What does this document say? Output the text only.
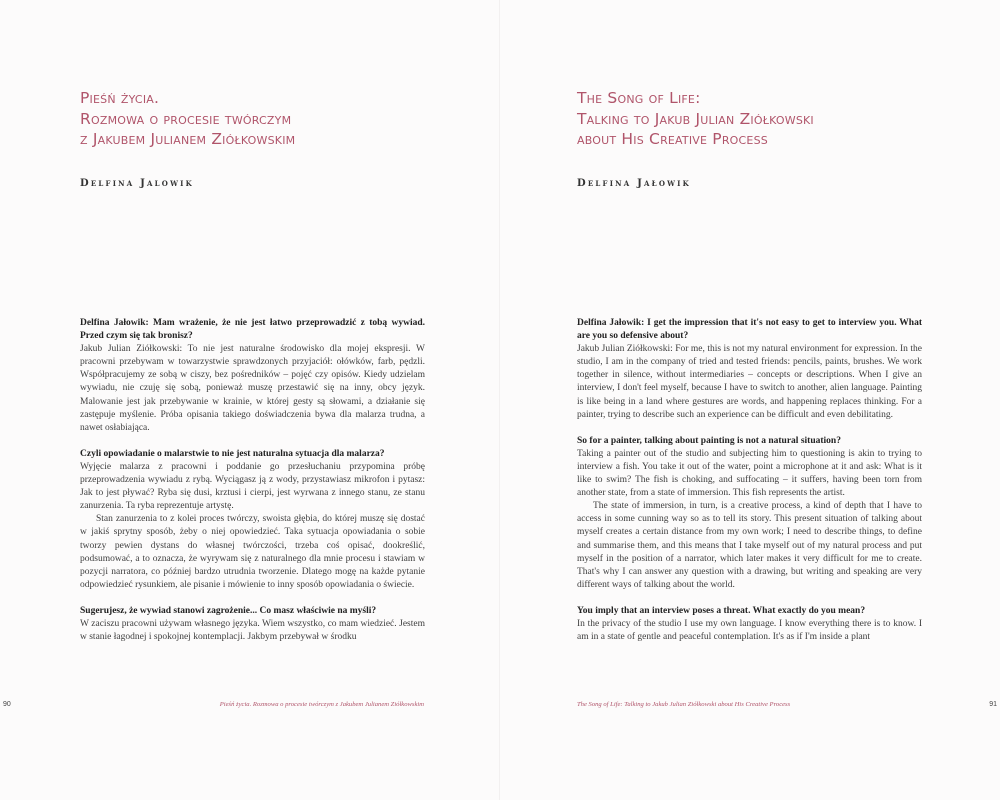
Pieśń życia.
Rozmowa o procesie twórczym
z Jakubem Julianem Ziółkowskim
Delfina Jalowik

Delfina Jałowik: Mam wrażenie, że nie jest łatwo przeprowadzić z tobą wywiad. Przed czym się tak bronisz?

Jakub Julian Ziółkowski: To nie jest naturalne środowisko dla mojej ekspresji. W pracowni przebywam w towarzystwie sprawdzonych przyjaciół: ołówków, farb, pędzli. Współpracujemy ze sobą w ciszy, bez pośredników – pojęć czy opisów. Kiedy udzielam wywiadu, nie czuję się sobą, ponieważ muszę przestawić się na inny, obcy język. Malowanie jest jak przebywanie w krainie, w której gesty są słowami, a działanie się zastępuje myślenie. Próba opisania takiego doświadczenia bywa dla malarza trudna, a nawet osłabiająca.

Czyli opowiadanie o malarstwie to nie jest naturalna sytuacja dla malarza?

Wyjęcie malarza z pracowni i poddanie go przesłuchaniu przypomina próbę przeprowadzenia wywiadu z rybą. Wyciągasz ją z wody, przystawiasz mikrofon i pytasz: Jak to jest pływać? Ryba się dusi, krztusi i cierpi, jest wyrwana z innego stanu, ze stanu zanurzenia. Ta ryba reprezentuje artystę.

Stan zanurzenia to z kolei proces twórczy, swoista głębia, do której muszę się dostać w jakiś sprytny sposób, żeby o niej opowiedzieć. Taka sytuacja opowiadania o sobie tworzy pewien dystans do własnej twórczości, trzeba coś opisać, dookreślić, podsumować, a to oznacza, że wyrywam się z naturalnego dla mnie procesu i stawiam w pozycji narratora, co później bardzo utrudnia tworzenie. Dlatego mogę na każde pytanie odpowiedzieć rysunkiem, ale pisanie i mówienie to inny sposób opowiadania o świecie.

Sugerujesz, że wywiad stanowi zagrożenie... Co masz właściwie na myśli?

W zaciszu pracowni używam własnego języka. Wiem wszystko, co mam wiedzieć. Jestem w stanie łagodnej i spokojnej kontemplacji. Jakbym przebywał w środku

90	Pieśń życia. Rozmowa o procesie twórczym z Jakubem Julianem Ziółkowskim
The Song of Life:
Talking to Jakub Julian Ziółkowski
about His Creative Process
Delfina Jałowik

Delfina Jałowik: I get the impression that it's not easy to get to interview you. What are you so defensive about?

Jakub Julian Ziółkowski: For me, this is not my natural environment for expression. In the studio, I am in the company of tried and tested friends: pencils, paints, brushes. We work together in silence, without intermediaries – concepts or descriptions. When I give an interview, I don't feel myself, because I have to switch to another, alien language. Painting is like being in a land where gestures are words, and happening replaces thinking. For a painter, trying to describe such an experience can be difficult and even debilitating.

So for a painter, talking about painting is not a natural situation?

Taking a painter out of the studio and subjecting him to questioning is akin to trying to interview a fish. You take it out of the water, point a microphone at it and ask: What is it like to swim? The fish is choking, and suffocating – it suffers, having been torn from another state, from a state of immersion. This fish represents the artist.

The state of immersion, in turn, is a creative process, a kind of depth that I have to access in some cunning way so as to tell its story. This present situation of talking about myself creates a certain distance from my own work; I need to describe things, to define and summarise them, and this means that I take myself out of my natural process and put myself in the position of a narrator, which later makes it very difficult for me to create. That's why I can answer any question with a drawing, but writing and speaking are very different ways of talking about the world.

You imply that an interview poses a threat. What exactly do you mean?

In the privacy of the studio I use my own language. I know everything there is to know. I am in a state of gentle and peaceful contemplation. It's as if I'm inside a plant

91
The Song of Life: Talking to Jakub Julian Ziółkowski about His Creative Process
